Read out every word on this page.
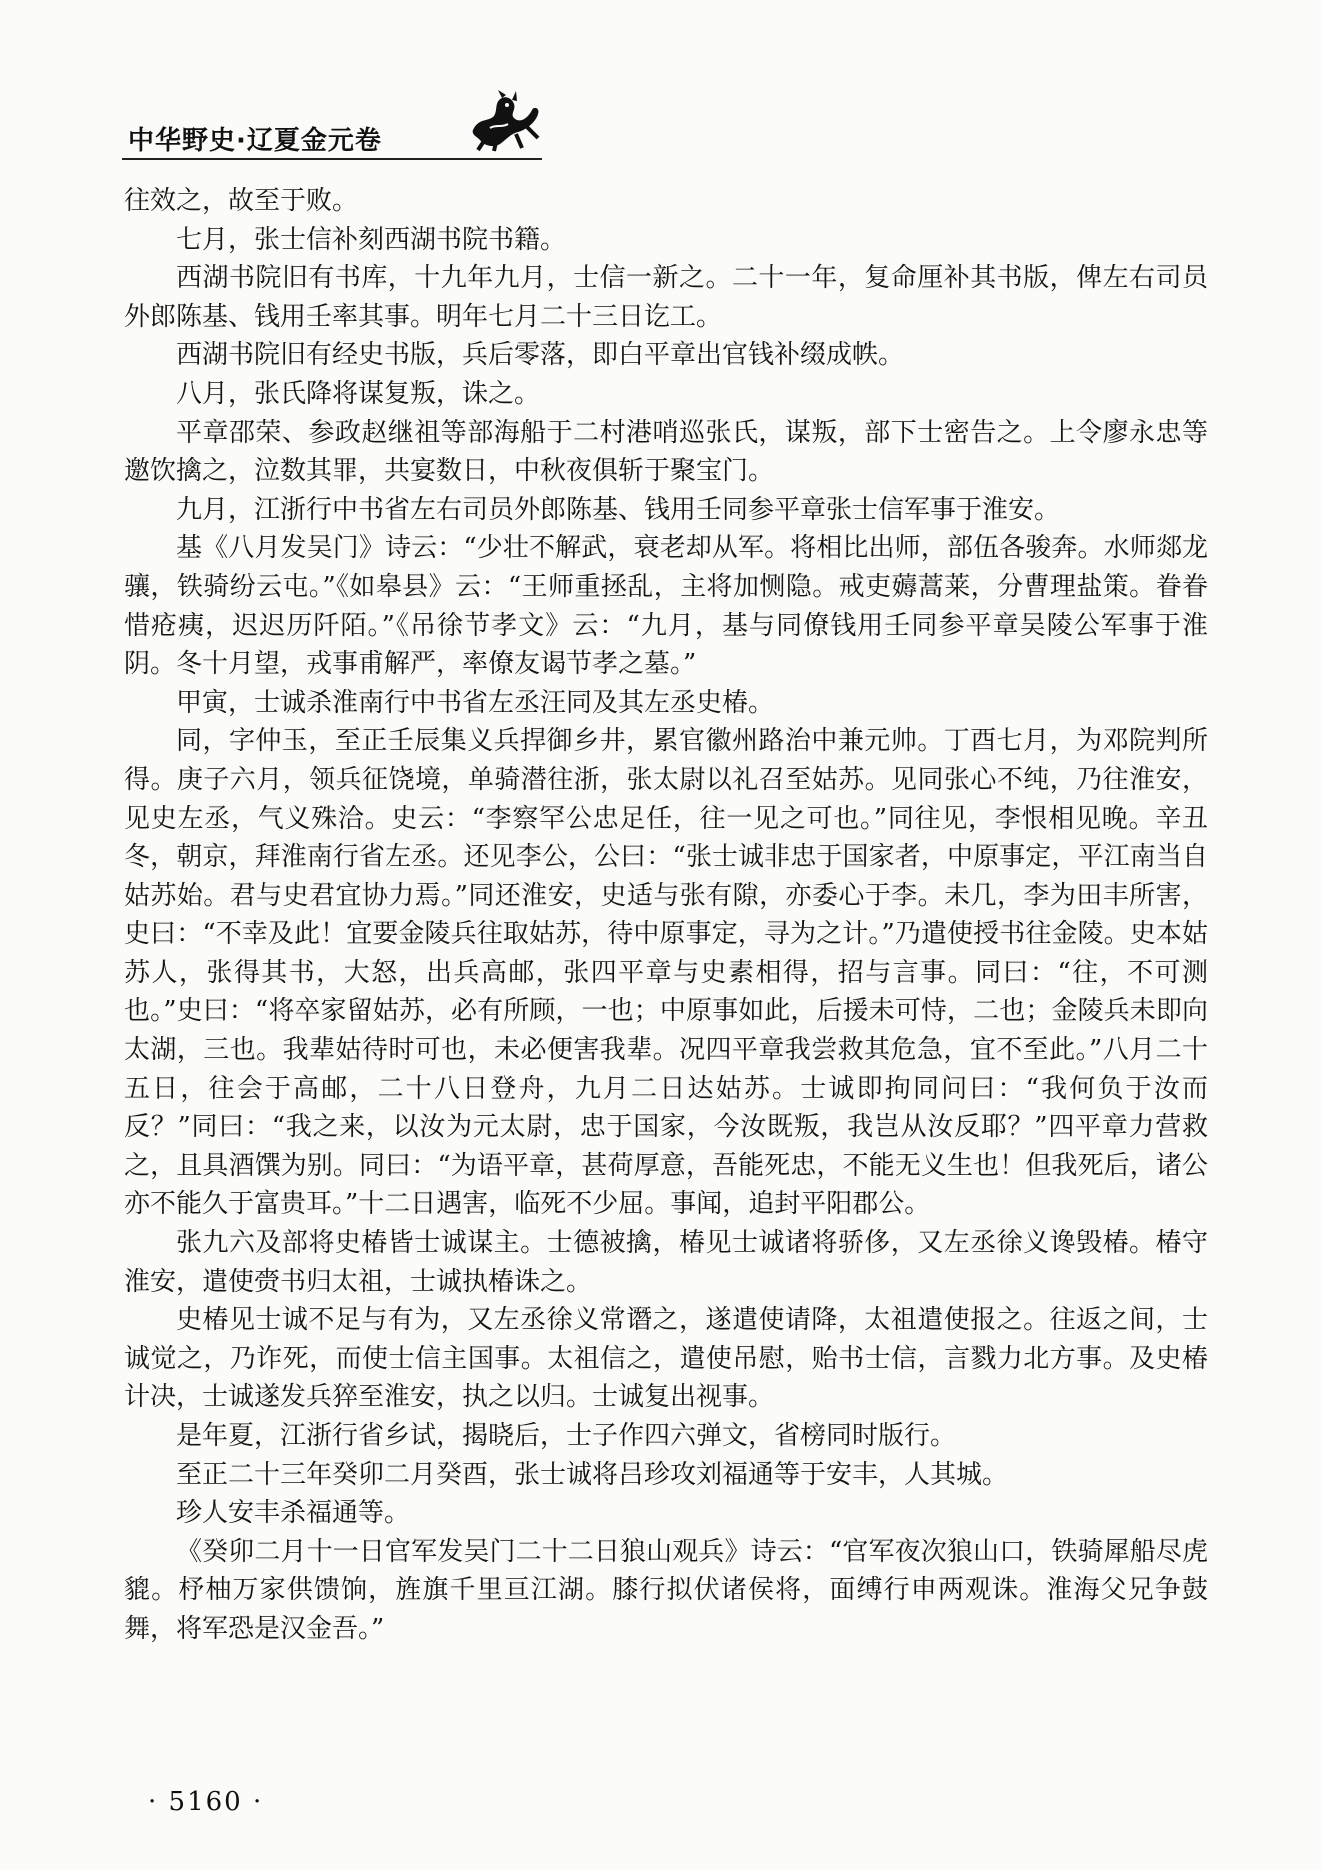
中华野史·辽夏金元卷

往效之，故至于败。

七月，张士信补刻西湖书院书籍。

西湖书院旧有书库，十九年九月，士信一新之。二十一年，复命厘补其书版，俾左右司员外郎陈基、钱用壬率其事。明年七月二十三日讫工。

西湖书院旧有经史书版，兵后零落，即白平章出官钱补缀成帙。

八月，张氏降将谋复叛，诛之。

平章邵荣、参政赵继祖等部海船于二村港哨巡张氏，谋叛，部下士密告之。上令廖永忠等邀饮擒之，泣数其罪，共宴数日，中秋夜俱斩于聚宝门。

九月，江浙行中书省左右司员外郎陈基、钱用壬同参平章张士信军事于淮安。

基《八月发吴门》诗云：“少壮不解武，衰老却从军。将相比出师，部伍各骏奔。水师郯龙骧，铁骑纷云屯。”《如皋县》云：“王师重拯乱，主将加恻隐。戒吏薅蒿莱，分曹理盐策。眷眷惜疮痍，迟迟历阡陌。”《吊徐节孝文》云：“九月，基与同僚钱用壬同参平章吴陵公军事于淮阴。冬十月望，戎事甫解严，率僚友谒节孝之墓。”

甲寅，士诚杀淮南行中书省左丞汪同及其左丞史椿。

同，字仲玉，至正壬辰集义兵捍御乡井，累官徽州路治中兼元帅。丁酉七月，为邓院判所得。庚子六月，领兵征饶境，单骑潜往浙，张太尉以礼召至姑苏。见同张心不纯，乃往淮安，见史左丞，气义殊洽。史云：“李察罕公忠足任，往一见之可也。”同往见，李恨相见晚。辛丑冬，朝京，拜淮南行省左丞。还见李公，公曰：“张士诚非忠于国家者，中原事定，平江南当自姑苏始。君与史君宜协力焉。”同还淮安，史适与张有隙，亦委心于李。未几，李为田丰所害，史曰：“不幸及此！宜要金陵兵往取姑苏，待中原事定，寻为之计。”乃遣使授书往金陵。史本姑苏人，张得其书，大怒，出兵高邮，张四平章与史素相得，招与言事。同曰：“往，不可测也。”史曰：“将卒家留姑苏，必有所顾，一也；中原事如此，后援未可恃，二也；金陵兵未即向太湖，三也。我辈姑待时可也，未必便害我辈。况四平章我尝救其危急，宜不至此。”八月二十五日，往会于高邮，二十八日登舟，九月二日达姑苏。士诚即拘同问曰：“我何负于汝而反？”同曰：“我之来，以汝为元太尉，忠于国家，今汝既叛，我岂从汝反耶？”四平章力营救之，且具酒馔为别。同曰：“为语平章，甚荷厚意，吾能死忠，不能无义生也！但我死后，诸公亦不能久于富贵耳。”十二日遇害，临死不少屈。事闻，追封平阳郡公。

张九六及部将史椿皆士诚谋主。士德被擒，椿见士诚诸将骄侈，又左丞徐义谗毁椿。椿守淮安，遣使赍书归太祖，士诚执椿诛之。

史椿见士诚不足与有为，又左丞徐义常谮之，遂遣使请降，太祖遣使报之。往返之间，士诚觉之，乃诈死，而使士信主国事。太祖信之，遣使吊慰，贻书士信，言戮力北方事。及史椿计决，士诚遂发兵猝至淮安，执之以归。士诚复出视事。

是年夏，江浙行省乡试，揭晓后，士子作四六弹文，省榜同时版行。

至正二十三年癸卯二月癸酉，张士诚将吕珍攻刘福通等于安丰，人其城。

珍人安丰杀福通等。

《癸卯二月十一日官军发吴门二十二日狼山观兵》诗云：“官军夜次狼山口，铁骑犀船尽虎貔。杼柚万家供馈饷，旌旗千里亘江湖。膝行拟伏诸侯将，面缚行申两观诛。淮海父兄争鼓舞，将军恐是汉金吾。”

· 5160 ·
